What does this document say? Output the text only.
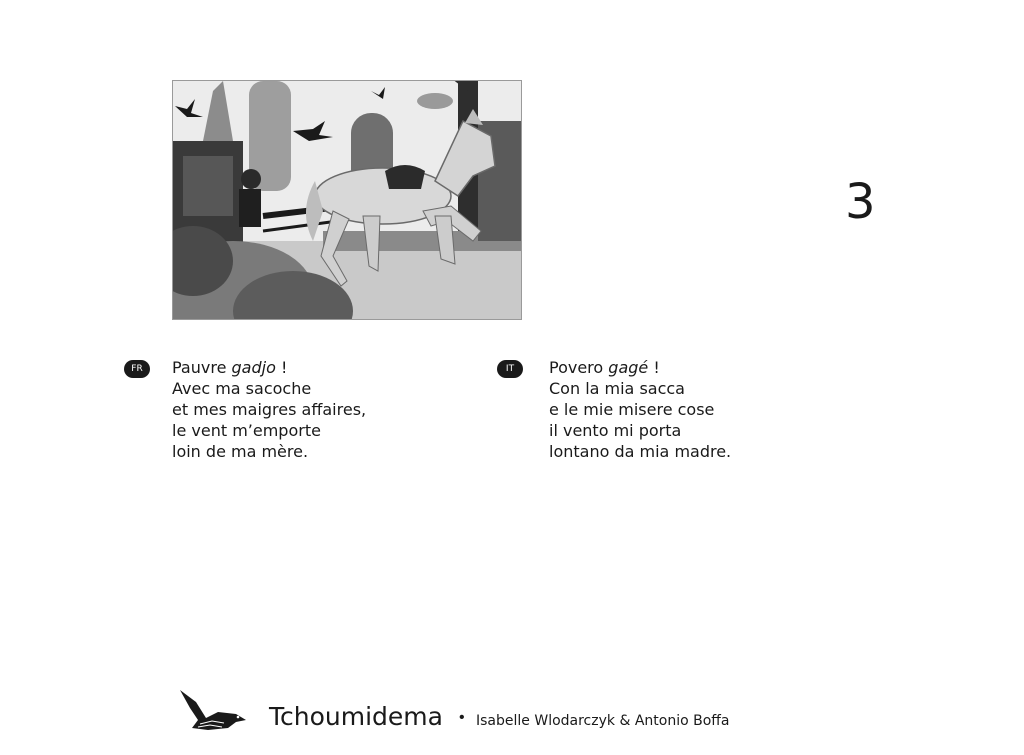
3
FR	Pauvre gadjo !
Avec ma sacoche
et mes maigres affaires,
le vent m’emporte
loin de ma mère.
IT	Povero gagé !
Con la mia sacca
e le mie misere cose
il vento mi porta
lontano da mia madre.
Tchoumidema • Isabelle Wlodarczyk & Antonio Boffa
